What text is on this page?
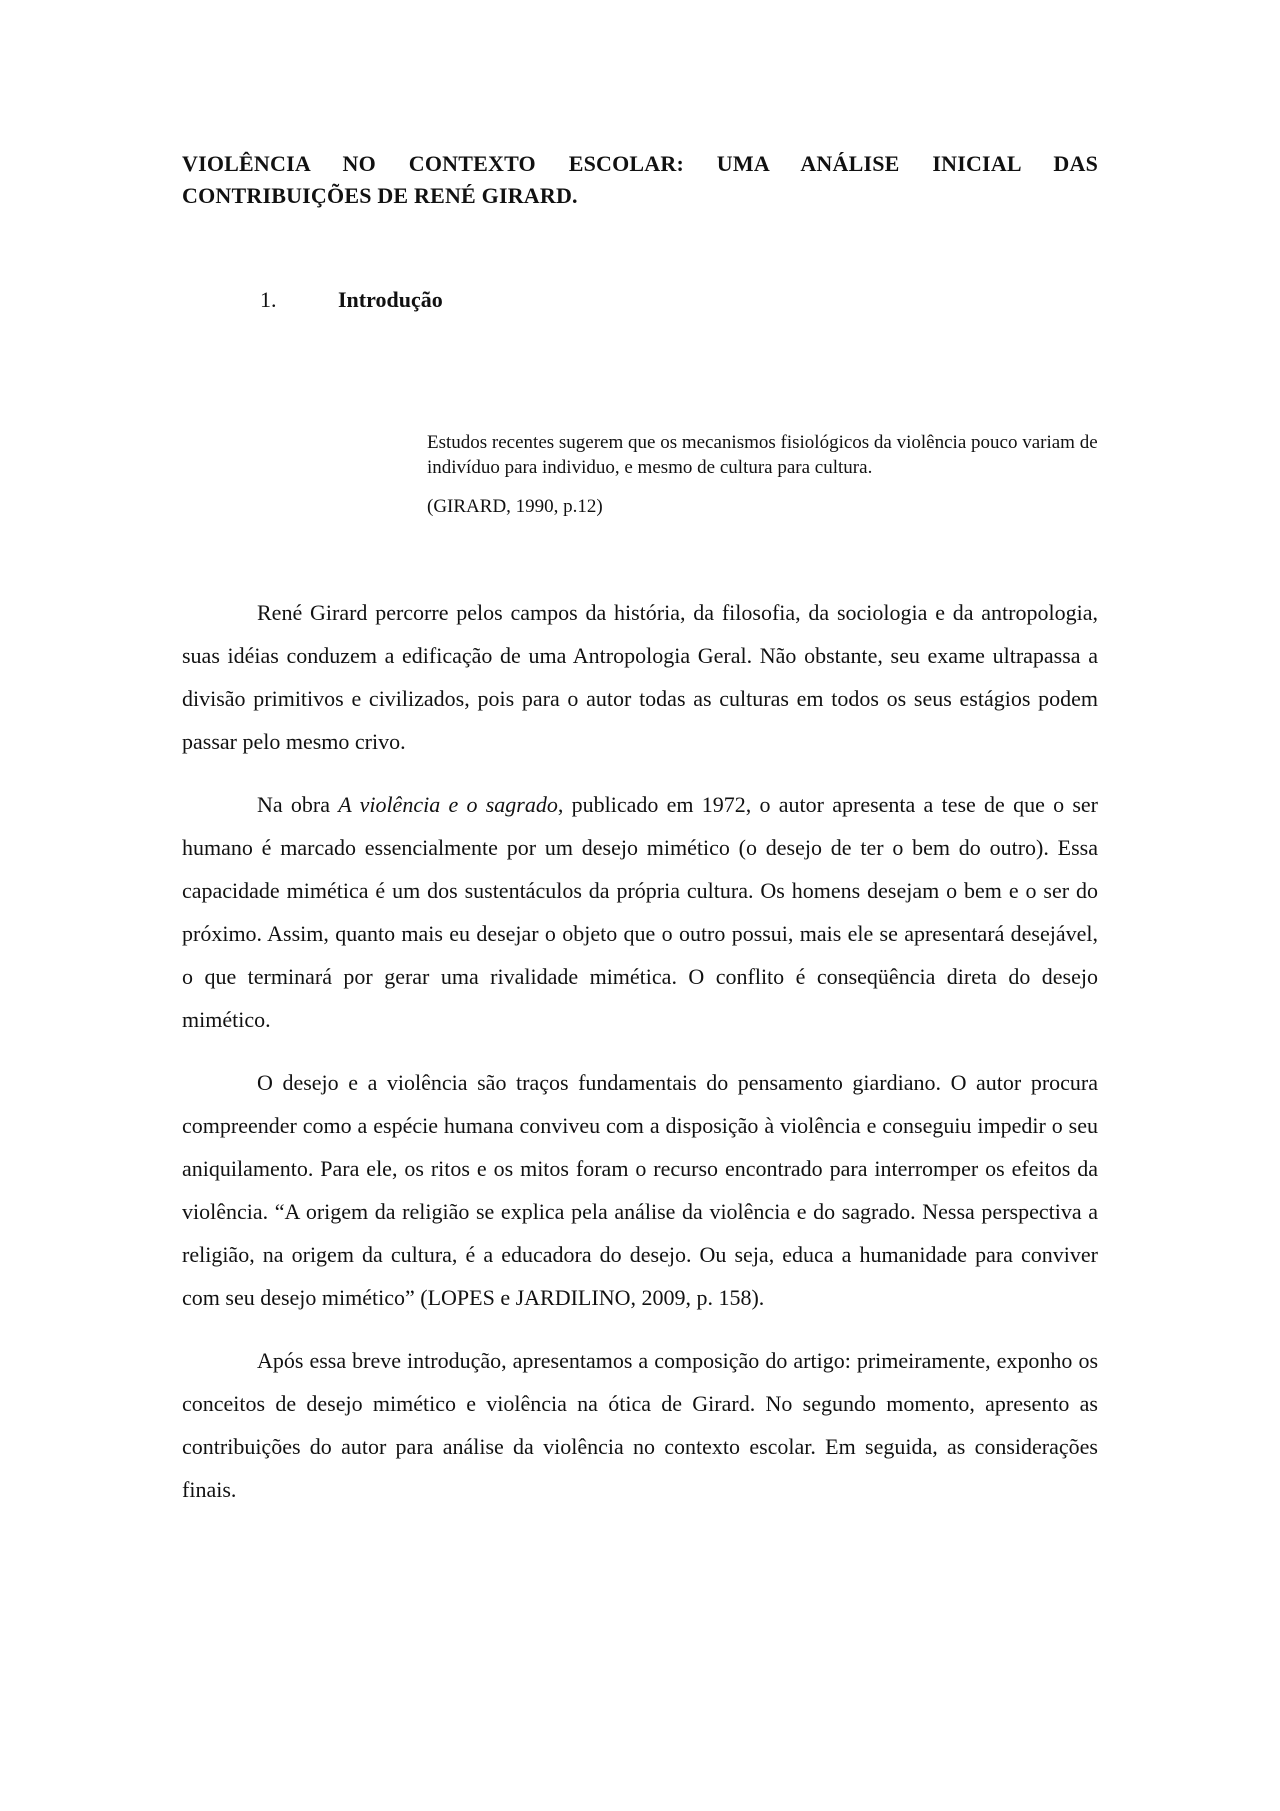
VIOLÊNCIA NO CONTEXTO ESCOLAR: UMA ANÁLISE INICIAL DAS
CONTRIBUIÇÕES DE RENÉ GIRARD.
1.	Introdução

Estudos recentes sugerem que os mecanismos fisiológicos da violência pouco variam de indivíduo para individuo, e mesmo de cultura para cultura.

(GIRARD, 1990, p.12)

René Girard percorre pelos campos da história, da filosofia, da sociologia e da antropologia, suas idéias conduzem a edificação de uma Antropologia Geral. Não obstante, seu exame ultrapassa a divisão primitivos e civilizados, pois para o autor todas as culturas em todos os seus estágios podem passar pelo mesmo crivo.

Na obra A violência e o sagrado, publicado em 1972, o autor apresenta a tese de que o ser humano é marcado essencialmente por um desejo mimético (o desejo de ter o bem do outro). Essa capacidade mimética é um dos sustentáculos da própria cultura. Os homens desejam o bem e o ser do próximo. Assim, quanto mais eu desejar o objeto que o outro possui, mais ele se apresentará desejável, o que terminará por gerar uma rivalidade mimética. O conflito é conseqüência direta do desejo mimético.

O desejo e a violência são traços fundamentais do pensamento giardiano. O autor procura compreender como a espécie humana conviveu com a disposição à violência e conseguiu impedir o seu aniquilamento. Para ele, os ritos e os mitos foram o recurso encontrado para interromper os efeitos da violência. “A origem da religião se explica pela análise da violência e do sagrado. Nessa perspectiva a religião, na origem da cultura, é a educadora do desejo. Ou seja, educa a humanidade para conviver com seu desejo mimético” (LOPES e JARDILINO, 2009, p. 158).

Após essa breve introdução, apresentamos a composição do artigo: primeiramente, exponho os conceitos de desejo mimético e violência na ótica de Girard. No segundo momento, apresento as contribuições do autor para análise da violência no contexto escolar. Em seguida, as considerações finais.
